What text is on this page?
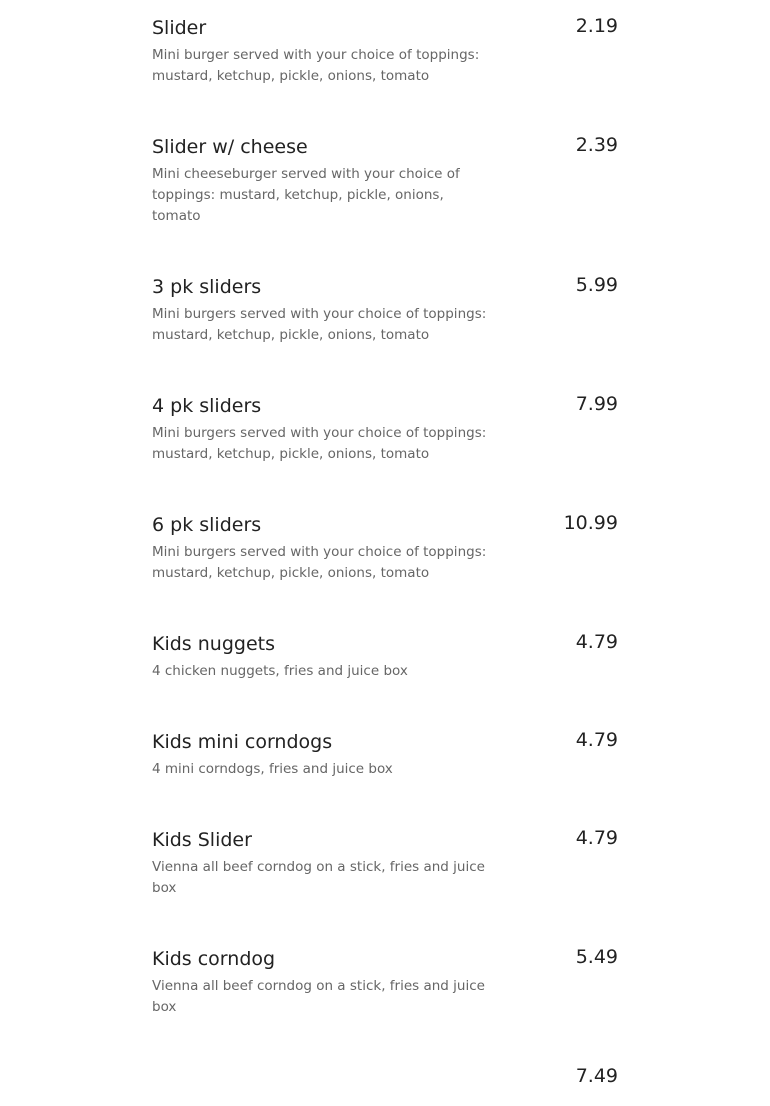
Slider
Mini burger served with your choice of toppings: mustard, ketchup, pickle, onions, tomato
2.19
Slider w/ cheese
Mini cheeseburger served with your choice of toppings: mustard, ketchup, pickle, onions, tomato
2.39
3 pk sliders
Mini burgers served with your choice of toppings: mustard, ketchup, pickle, onions, tomato
5.99
4 pk sliders
Mini burgers served with your choice of toppings: mustard, ketchup, pickle, onions, tomato
7.99
6 pk sliders
Mini burgers served with your choice of toppings: mustard, ketchup, pickle, onions, tomato
10.99
Kids nuggets
4 chicken nuggets, fries and juice box
4.79
Kids mini corndogs
4 mini corndogs, fries and juice box
4.79
Kids Slider
Vienna all beef corndog on a stick, fries and juice box
4.79
Kids corndog
Vienna all beef corndog on a stick, fries and juice box
5.49
7.49
